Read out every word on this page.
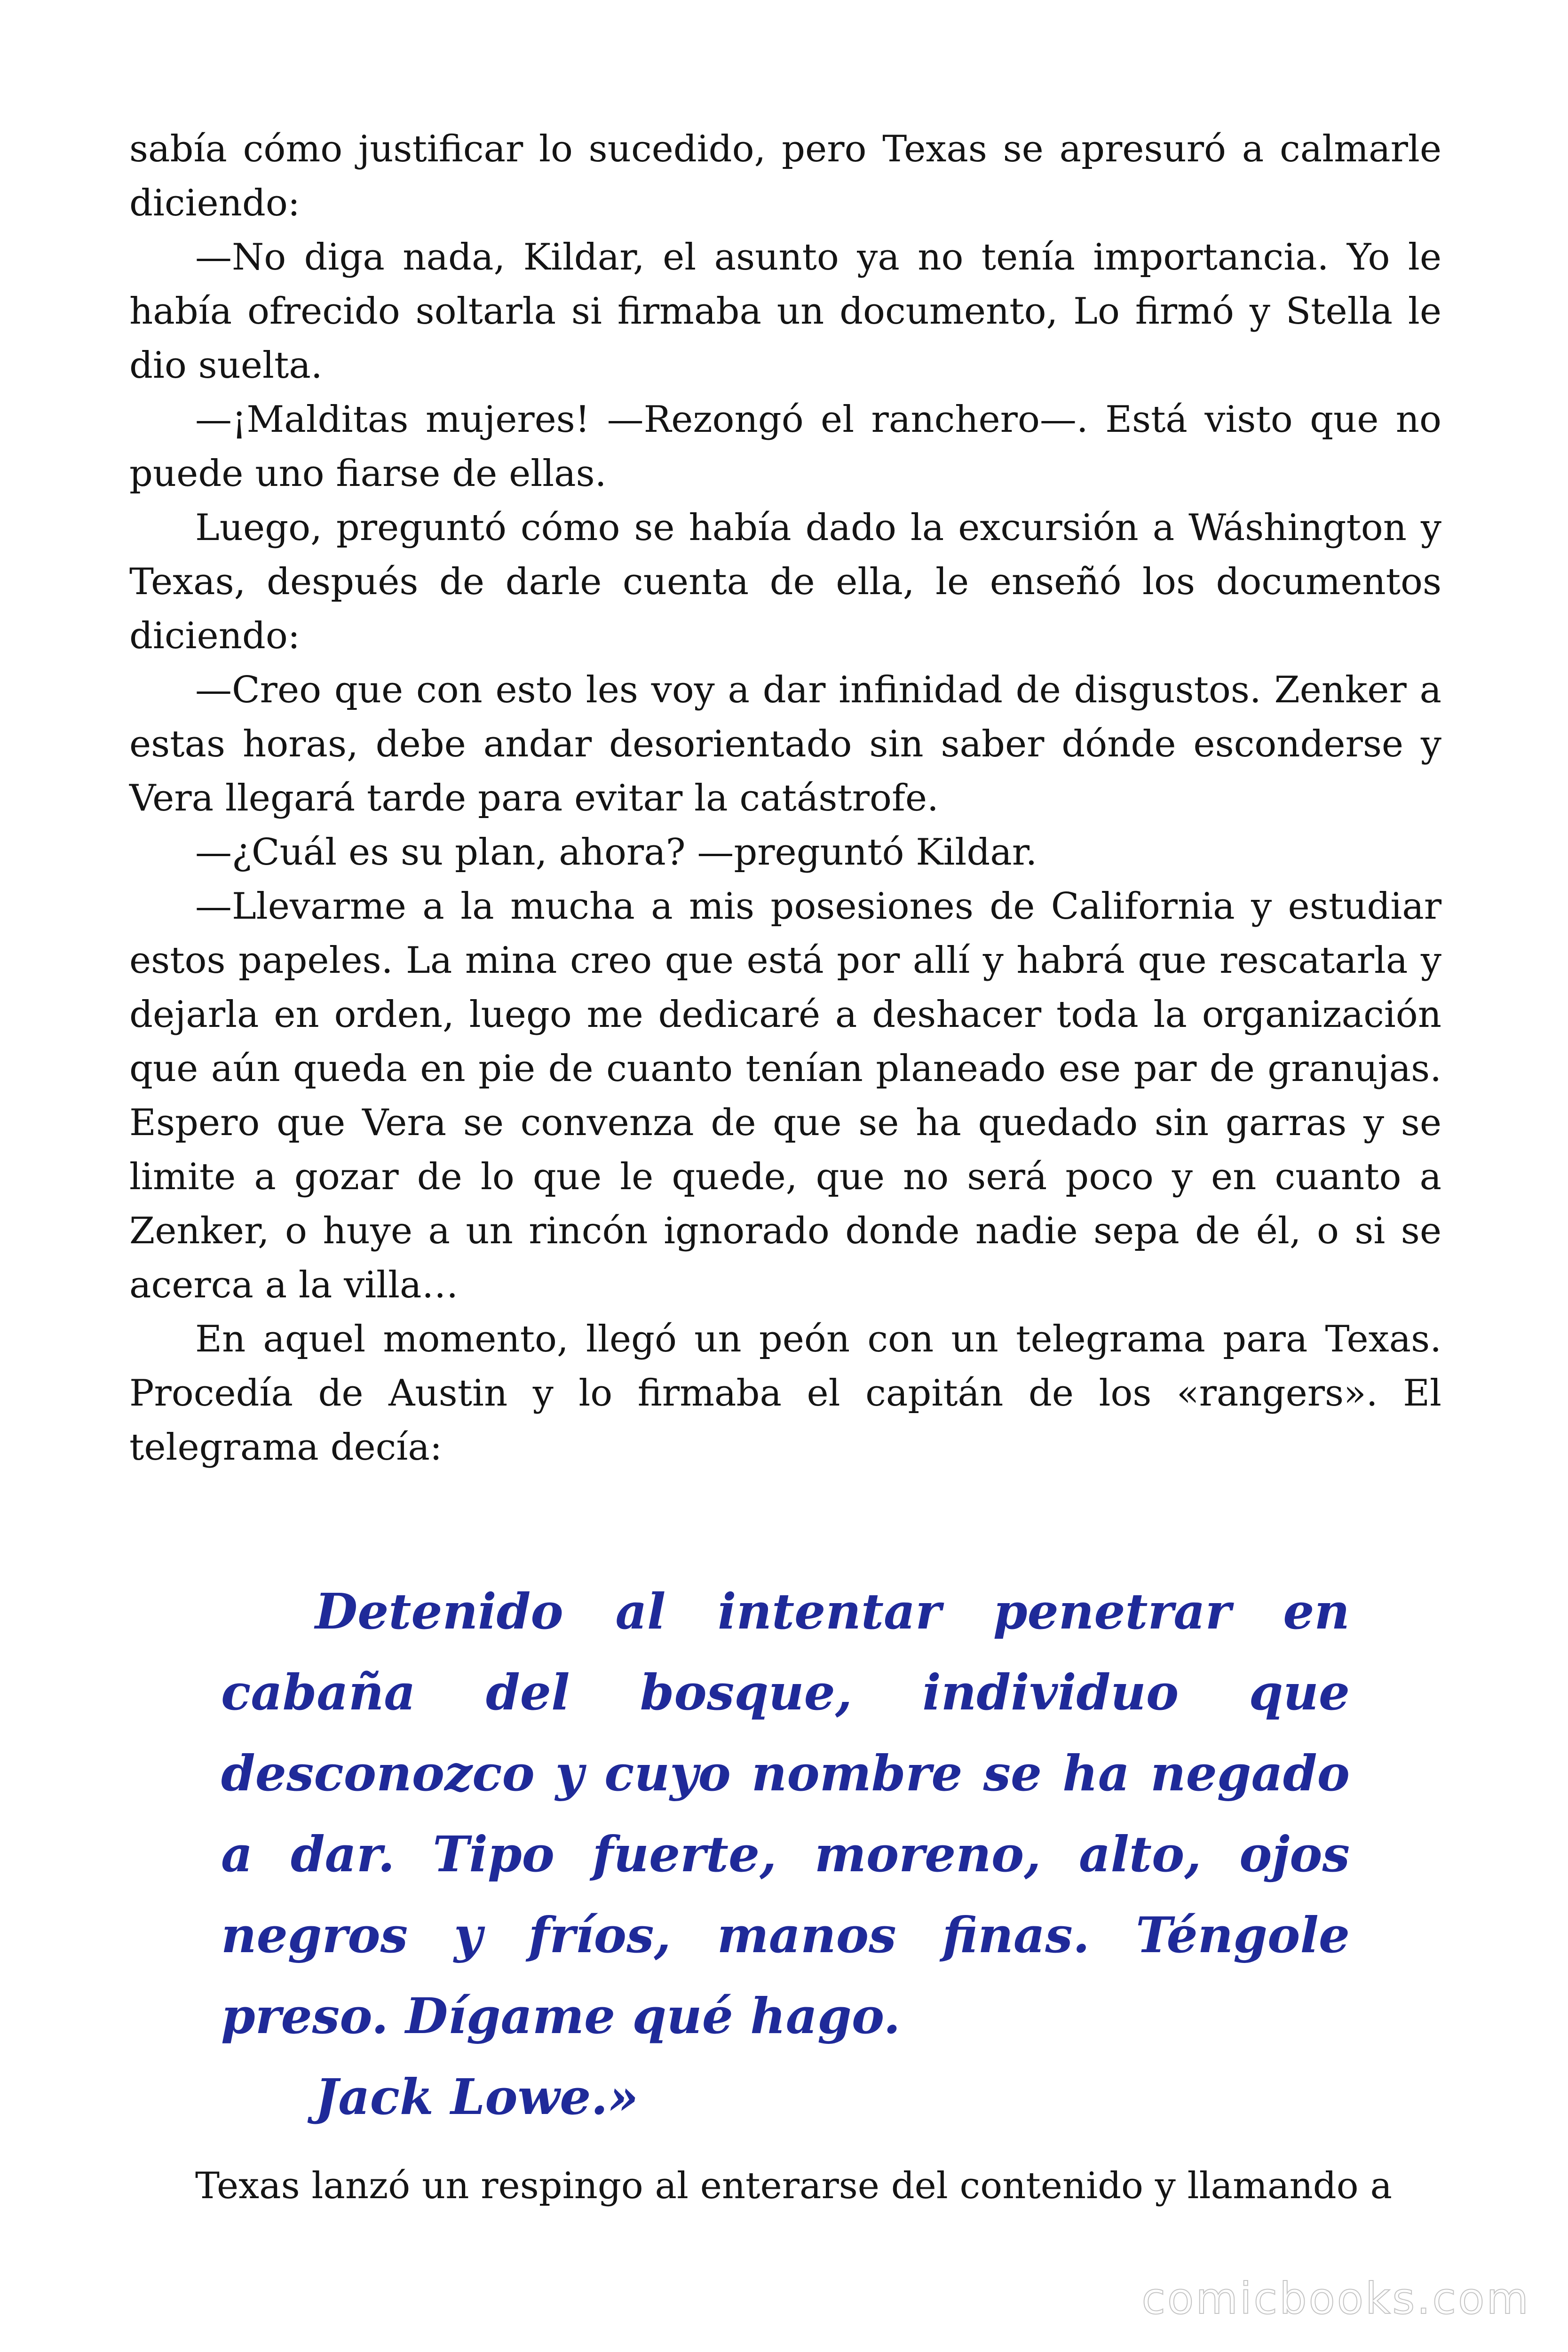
sabía cómo justificar lo sucedido, pero Texas se apresuró a calmarle diciendo:

—No diga nada, Kildar, el asunto ya no tenía importancia. Yo le había ofrecido soltarla si firmaba un documento, Lo firmó y Stella le dio suelta.

—¡Malditas mujeres! —Rezongó el ranchero—. Está visto que no puede uno fiarse de ellas.

Luego, preguntó cómo se había dado la excursión a Wáshington y Texas, después de darle cuenta de ella, le enseñó los documentos diciendo:

—Creo que con esto les voy a dar infinidad de disgustos. Zenker a estas horas, debe andar desorientado sin saber dónde esconderse y Vera llegará tarde para evitar la catástrofe.

—¿Cuál es su plan, ahora? —preguntó Kildar.

—Llevarme a la mucha a mis posesiones de California y estudiar estos papeles. La mina creo que está por allí y habrá que rescatarla y dejarla en orden, luego me dedicaré a deshacer toda la organización que aún queda en pie de cuanto tenían planeado ese par de granujas. Espero que Vera se convenza de que se ha quedado sin garras y se limite a gozar de lo que le quede, que no será poco y en cuanto a Zenker, o huye a un rincón ignorado donde nadie sepa de él, o si se acerca a la villa…

En aquel momento, llegó un peón con un telegrama para Texas. Procedía de Austin y lo firmaba el capitán de los «rangers». El telegrama decía:

Detenido al intentar penetrar en cabaña del bosque, individuo que desconozco y cuyo nombre se ha negado a dar. Tipo fuerte, moreno, alto, ojos negros y fríos, manos finas. Téngole preso. Dígame qué hago.

Jack Lowe.»

Texas lanzó un respingo al enterarse del contenido y llamando a

comicbooks.com
